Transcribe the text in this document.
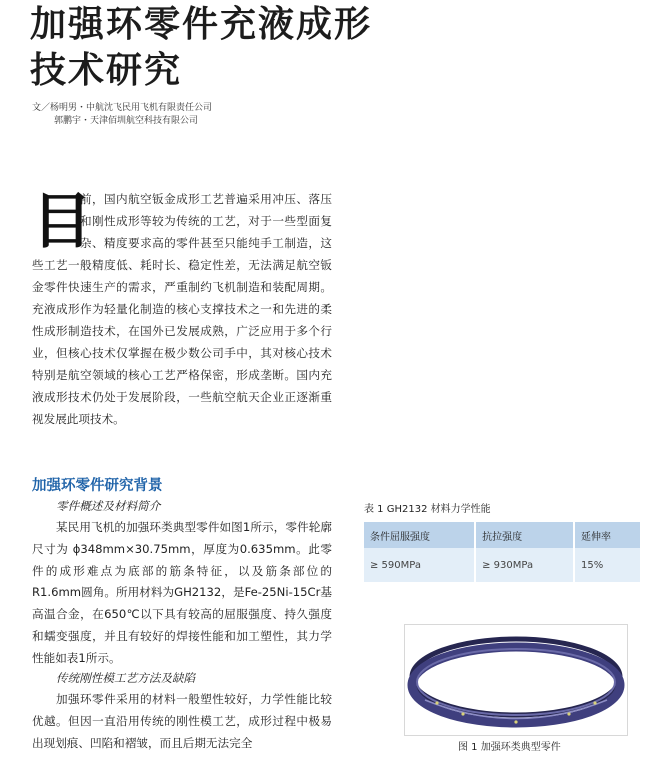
加强环零件充液成形
技术研究
文／杨明男・中航沈飞民用飞机有限责任公司
郭鹏宇・天津佰圳航空科技有限公司
目
前，国内航空钣金成形工艺普遍采用冲压、落压和刚性成形等较为传统的工艺，对于一些型面复杂、精度要求高的零件甚至只能纯手工制造，这些工艺一般精度低、耗时长、稳定性差，无法满足航空钣金零件快速生产的需求，严重制约飞机制造和装配周期。充液成形作为轻量化制造的核心支撑技术之一和先进的柔性成形制造技术，在国外已发展成熟，广泛应用于多个行业，但核心技术仅掌握在极少数公司手中，其对核心技术特别是航空领域的核心工艺严格保密，形成垄断。国内充液成形技术仍处于发展阶段，一些航空航天企业正逐渐重视发展此项技术。
加强环零件研究背景
零件概述及材料简介

某民用飞机的加强环类典型零件如图1所示，零件轮廓尺寸为 ϕ348mm×30.75mm，厚度为0.635mm。此零件的成形难点为底部的筋条特征，以及筋条部位的R1.6mm圆角。所用材料为GH2132，是Fe-25Ni-15Cr基高温合金，在650℃以下具有较高的屈服强度、持久强度和蠕变强度，并且有较好的焊接性能和加工塑性，其力学性能如表1所示。

传统刚性模工艺方法及缺陷

加强环零件采用的材料一般塑性较好，力学性能比较优越。但因一直沿用传统的刚性模工艺，成形过程中极易出现划痕、凹陷和褶皱，而且后期无法完全

表 1 GH2132 材料力学性能
条件屈服强度	抗拉强度	延伸率
≥ 590MPa	≥ 930MPa	15%
图 1 加强环类典型零件
